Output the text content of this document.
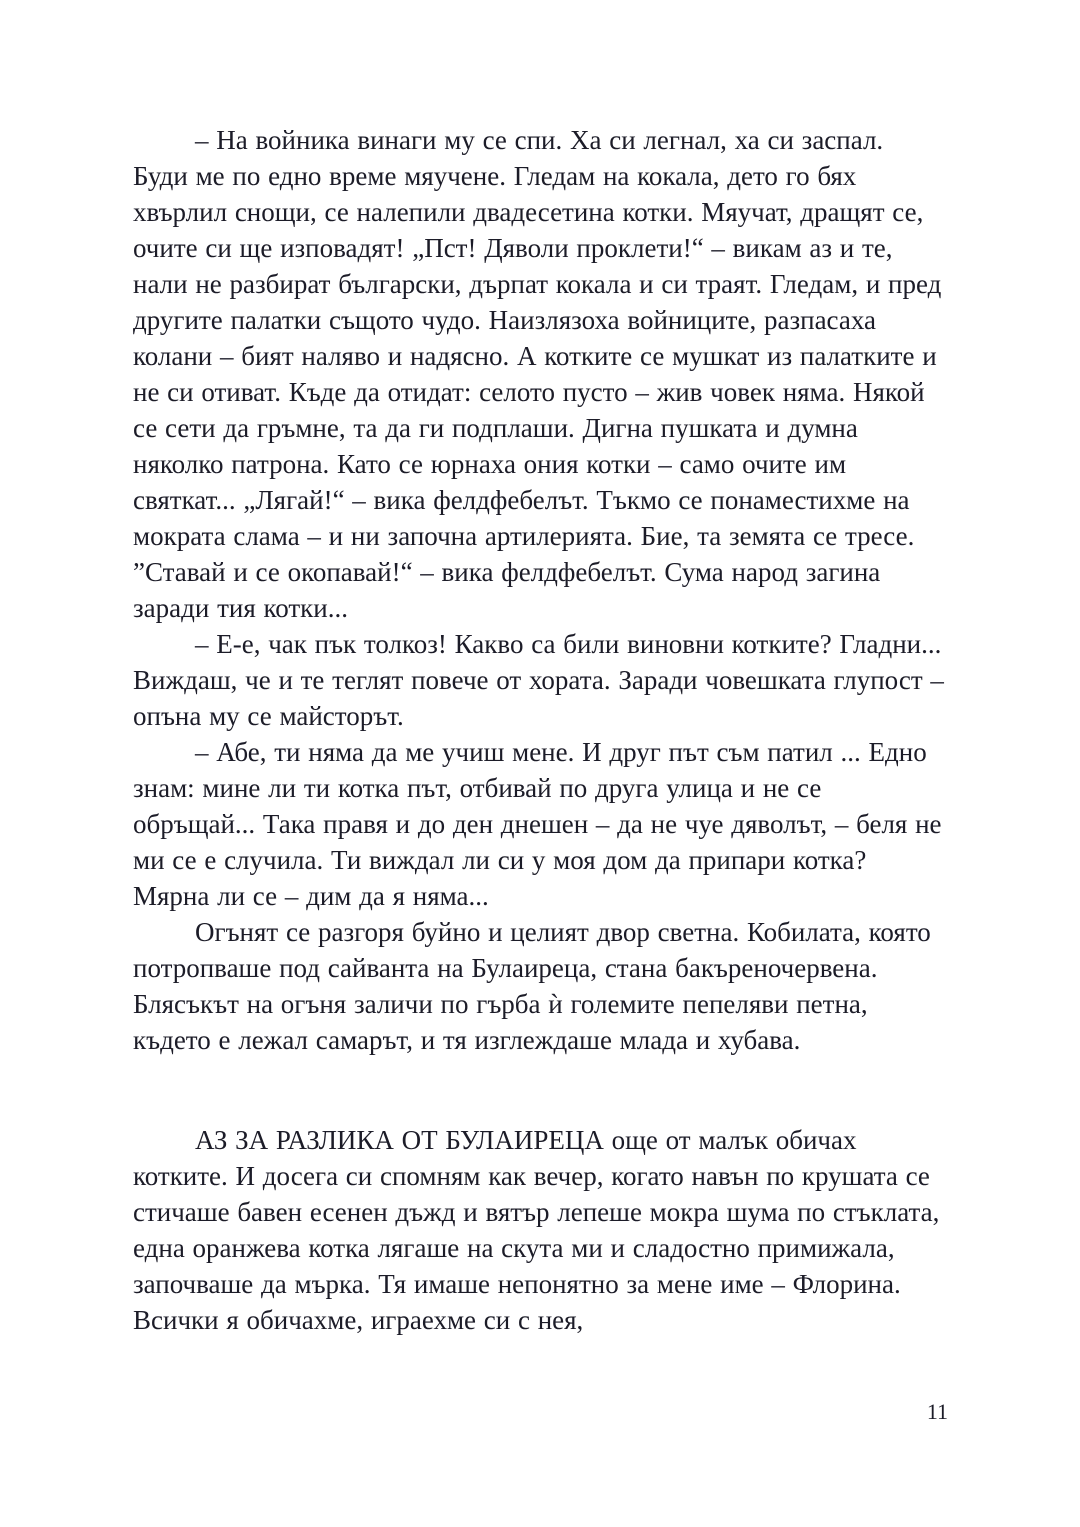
– На войника винаги му се спи. Ха си легнал, ха си заспал. Буди ме по едно време мяучене. Гледам на кокала, дето го бях хвърлил снощи, се налепили двадесетина котки. Мяучат, дращят се, очите си ще изповадят! „Пст! Дяволи проклети!“ – викам аз и те, нали не разбират български, дърпат кокала и си траят. Гледам, и пред другите палатки същото чудо. Наизлязоха войниците, разпасаха колани – бият наляво и надясно. А котките се мушкат из палатките и не си отиват. Къде да отидат: селото пусто – жив човек няма. Някой се сети да гръмне, та да ги подплаши. Дигна пушката и думна няколко патрона. Като се юрнаха ония котки – само очите им святкат... „Лягай!“ – вика фелдфебелът. Тъкмо се понаместихме на мократа слама – и ни започна артилерията. Бие, та земята се тресе. ”Ставай и се окопавай!“ – вика фелдфебелът. Сума народ загина заради тия котки...

– Е-е, чак пък толкоз! Какво са били виновни котките? Гладни... Виждаш, че и те теглят повече от хората. Заради човешката глупост – опъна му се майсторът.

– Абе, ти няма да ме учиш мене. И друг път съм патил ... Едно знам: мине ли ти котка път, отбивай по друга улица и не се обръщай... Така правя и до ден днешен – да не чуе дяволът, – беля не ми се е случила. Ти виждал ли си у моя дом да припари котка? Мярна ли се – дим да я няма...

Огънят се разгоря буйно и целият двор светна. Кобилата, която потропваше под сайванта на Булаиреца, стана бакъреночервена. Блясъкът на огъня заличи по гърба ѝ големите пепеляви петна, където е лежал самарът, и тя изглеждаше млада и хубава.

АЗ ЗА РАЗЛИКА ОТ БУЛАИРЕЦА още от малък обичах котките. И досега си спомням как вечер, когато навън по крушата се стичаше бавен есенен дъжд и вятър лепеше мокра шума по стъклата, една оранжева котка лягаше на скута ми и сладостно примижала, започваше да мърка. Тя имаше непонятно за мене име – Флорина. Всички я обичахме, играехме си с нея,

11
